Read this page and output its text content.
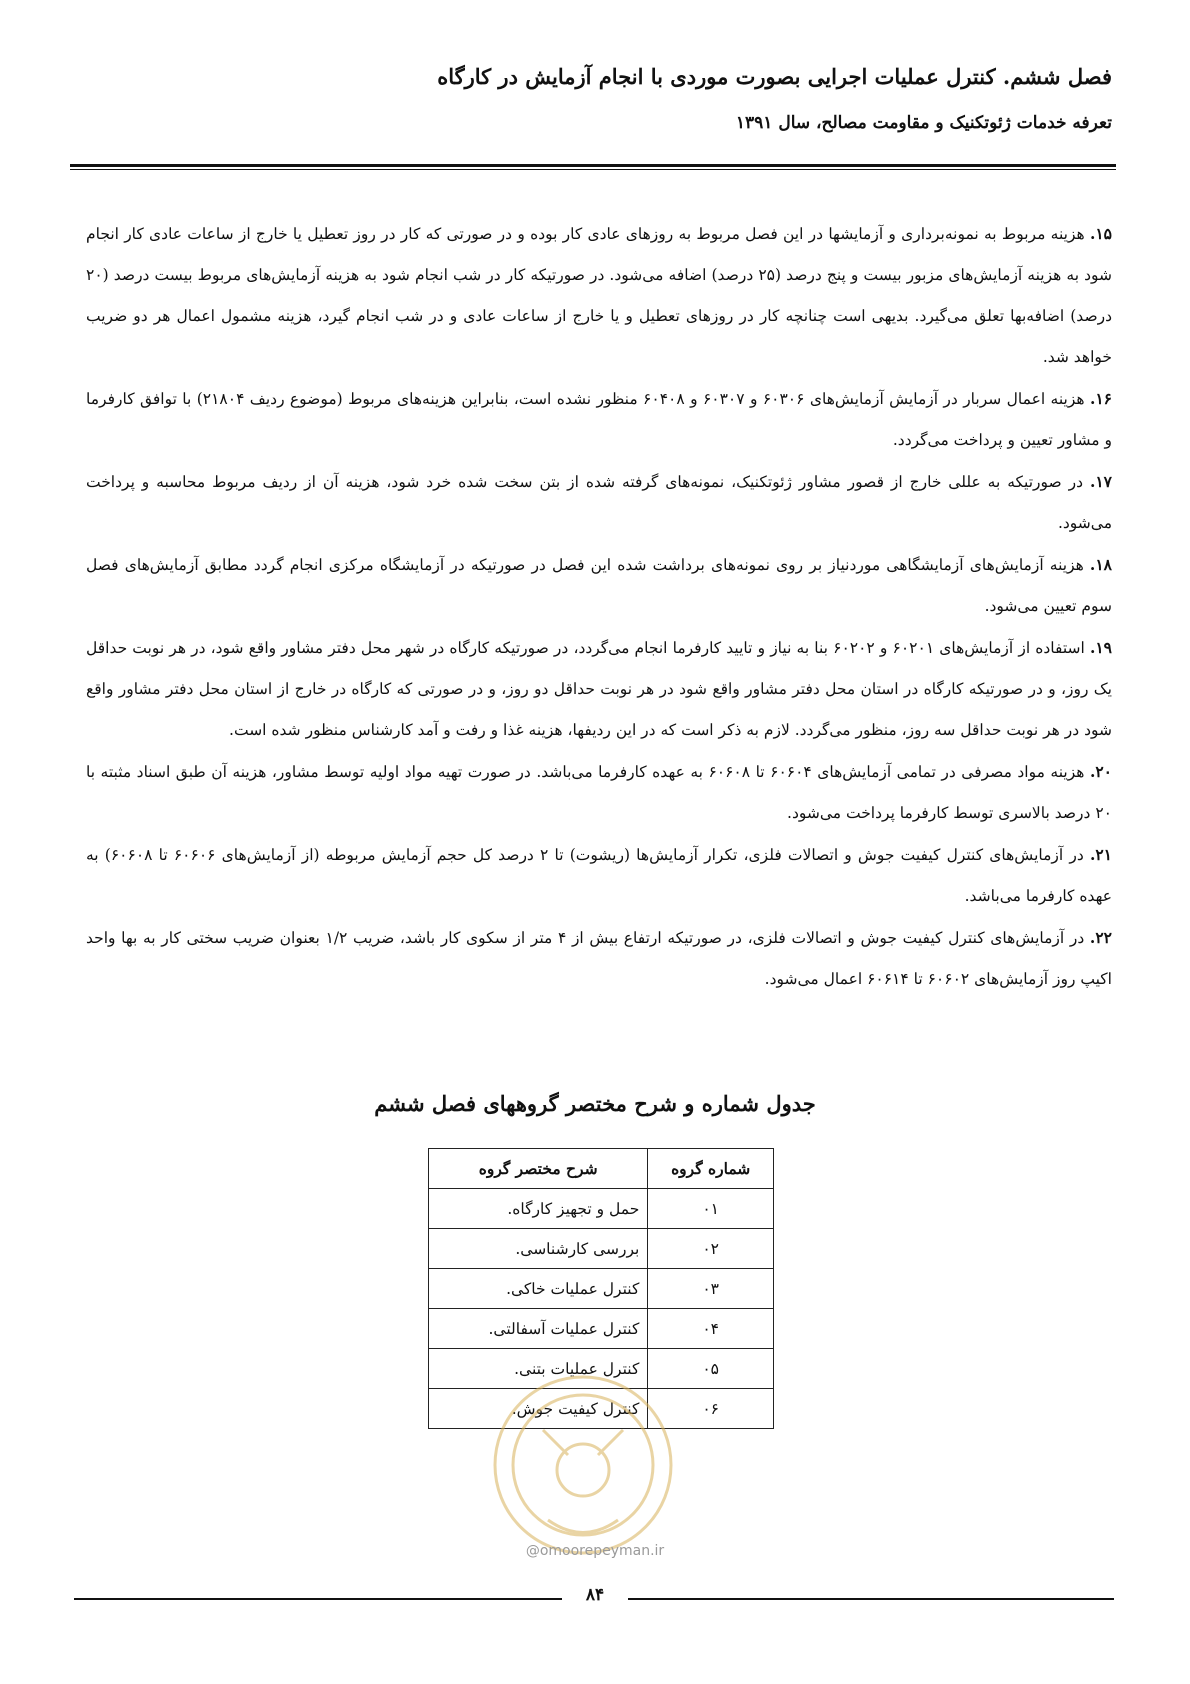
فصل ششم. کنترل عملیات اجرایی بصورت موردی با انجام آزمایش در کارگاه
تعرفه خدمات ژئوتکنیک و مقاومت مصالح، سال ۱۳۹۱

۱۵. هزینه مربوط به نمونه‌برداری و آزمایشها در این فصل مربوط به روزهای عادی کار بوده و در صورتی که کار در روز تعطیل یا خارج از ساعات عادی کار انجام شود به هزینه آزمایش‌های مزبور بیست و پنج درصد (۲۵ درصد) اضافه می‌شود. در صورتیکه کار در شب انجام شود به هزینه آزمایش‌های مربوط بیست درصد (۲۰ درصد) اضافه‌بها تعلق می‌گیرد. بدیهی است چنانچه کار در روزهای تعطیل و یا خارج از ساعات عادی و در شب انجام گیرد، هزینه مشمول اعمال هر دو ضریب خواهد شد.

۱۶. هزینه اعمال سربار در آزمایش آزمایش‌های ۶۰۳۰۶ و ۶۰۳۰۷ و ۶۰۴۰۸ منظور نشده است، بنابراین هزینه‌های مربوط (موضوع ردیف ۲۱۸۰۴) با توافق کارفرما و مشاور تعیین و پرداخت می‌گردد.

۱۷. در صورتیکه به عللی خارج از قصور مشاور ژئوتکنیک، نمونه‌های گرفته شده از بتن سخت شده خرد شود، هزینه آن از ردیف مربوط محاسبه و پرداخت می‌شود.

۱۸. هزینه آزمایش‌های آزمایشگاهی موردنیاز بر روی نمونه‌های برداشت شده این فصل در صورتیکه در آزمایشگاه مرکزی انجام گردد مطابق آزمایش‌های فصل سوم تعیین می‌شود.

۱۹. استفاده از آزمایش‌های ۶۰۲۰۱ و ۶۰۲۰۲ بنا به نیاز و تایید کارفرما انجام می‌گردد، در صورتیکه کارگاه در شهر محل دفتر مشاور واقع شود، در هر نوبت حداقل یک روز، و در صورتیکه کارگاه در استان محل دفتر مشاور واقع شود در هر نوبت حداقل دو روز، و در صورتی که کارگاه در خارج از استان محل دفتر مشاور واقع شود در هر نوبت حداقل سه روز، منظور می‌گردد. لازم به ذکر است که در این ردیفها، هزینه غذا و رفت و آمد کارشناس منظور شده است.

۲۰. هزینه مواد مصرفی در تمامی آزمایش‌های ۶۰۶۰۴ تا ۶۰۶۰۸ به عهده کارفرما می‌باشد. در صورت تهیه مواد اولیه توسط مشاور، هزینه آن طبق اسناد مثبته با ۲۰ درصد بالاسری توسط کارفرما پرداخت می‌شود.

۲۱. در آزمایش‌های کنترل کیفیت جوش و اتصالات فلزی، تکرار آزمایش‌ها (ریشوت) تا ۲ درصد کل حجم آزمایش مربوطه (از آزمایش‌های ۶۰۶۰۶ تا ۶۰۶۰۸) به عهده کارفرما می‌باشد.

۲۲. در آزمایش‌های کنترل کیفیت جوش و اتصالات فلزی، در صورتیکه ارتفاع بیش از ۴ متر از سکوی کار باشد، ضریب ۱/۲ بعنوان ضریب سختی کار به بها واحد اکیپ روز آزمایش‌های ۶۰۶۰۲ تا ۶۰۶۱۴ اعمال می‌شود.

جدول شماره و شرح مختصر گروههای فصل ششم
شماره گروه	شرح مختصر گروه
۰۱	حمل و تجهیز کارگاه.
۰۲	بررسی کارشناسی.
۰۳	کنترل عملیات خاکی.
۰۴	کنترل عملیات آسفالتی.
۰۵	کنترل عملیات بتنی.
۰۶	کنترل کیفیت جوش.
@omoorepeyman.ir
۸۴
